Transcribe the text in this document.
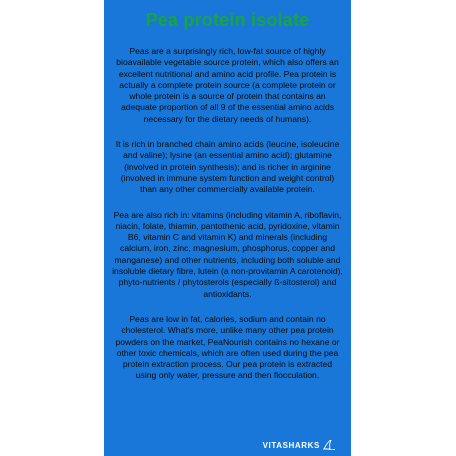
Pea protein isolate

Peas are a surprisingly rich, low-fat source of highly bioavailable vegetable source protein, which also offers an excellent nutritional and amino acid profile. Pea protein is actually a complete protein source (a complete protein or whole protein is a source of protein that contains an adequate proportion of all 9 of the essential amino acids necessary for the dietary needs of humans).

It is rich in branched chain amino acids (leucine, isoleucine and valine); lysine (an essential amino acid); glutamine (involved in protein synthesis); and is richer in arginine (involved in immune system function and weight control) than any other commercially available protein.

Pea are also rich in: vitamins (including vitamin A, riboflavin, niacin, folate, thiamin, pantothenic acid, pyridoxine, vitamin B6, vitamin C and vitamin K) and minerals (including calcium, iron, zinc, magnesium, phosphorus, copper and manganese) and other nutrients, including both soluble and insoluble dietary fibre, lutein (a non-provitamin A carotenoid), phyto-nutrients / phytosterols (especially ß-sitosterol) and antioxidants.

Peas are low in fat, calories, sodium and contain no cholesterol. What's more, unlike many other pea protein powders on the market, PeaNourish contains no hexane or other toxic chemicals, which are often used during the pea protein extraction process. Our pea protein is extracted using only water, pressure and then flocculation.

VITASHARKS
